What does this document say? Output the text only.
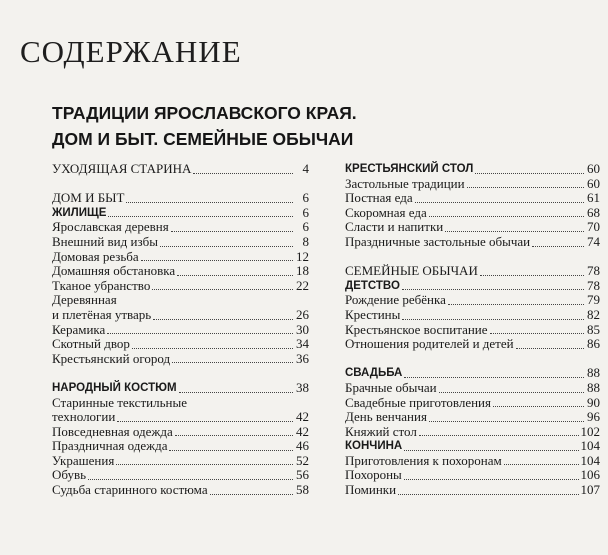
СОДЕРЖАНИЕ
ТРАДИЦИИ ЯРОСЛАВСКОГО КРАЯ.
ДОМ И БЫТ. СЕМЕЙНЫЕ ОБЫЧАИ
УХОДЯЩАЯ СТАРИНА	4
ДОМ И БЫТ	6
ЖИЛИЩЕ	6
Ярославская деревня	6
Внешний вид избы	8
Домовая резьба	12
Домашняя обстановка	18
Тканое убранство	22
Деревянная
и плетёная утварь	26
Керамика	30
Скотный двор	34
Крестьянский огород	36
НАРОДНЫЙ КОСТЮМ	38
Старинные текстильные
технологии	42
Повседневная одежда	42
Праздничная одежда	46
Украшения	52
Обувь	56
Судьба старинного костюма	58
КРЕСТЬЯНСКИЙ СТОЛ	60
Застольные традиции	60
Постная еда	61
Скоромная еда	68
Сласти и напитки	70
Праздничные застольные обычаи	74
СЕМЕЙНЫЕ ОБЫЧАИ	78
ДЕТСТВО	78
Рождение ребёнка	79
Крестины	82
Крестьянское воспитание	85
Отношения родителей и детей	86
СВАДЬБА	88
Брачные обычаи	88
Свадебные приготовления	90
День венчания	96
Княжий стол	102
КОНЧИНА	104
Приготовления к похоронам	104
Похороны	106
Поминки	107
